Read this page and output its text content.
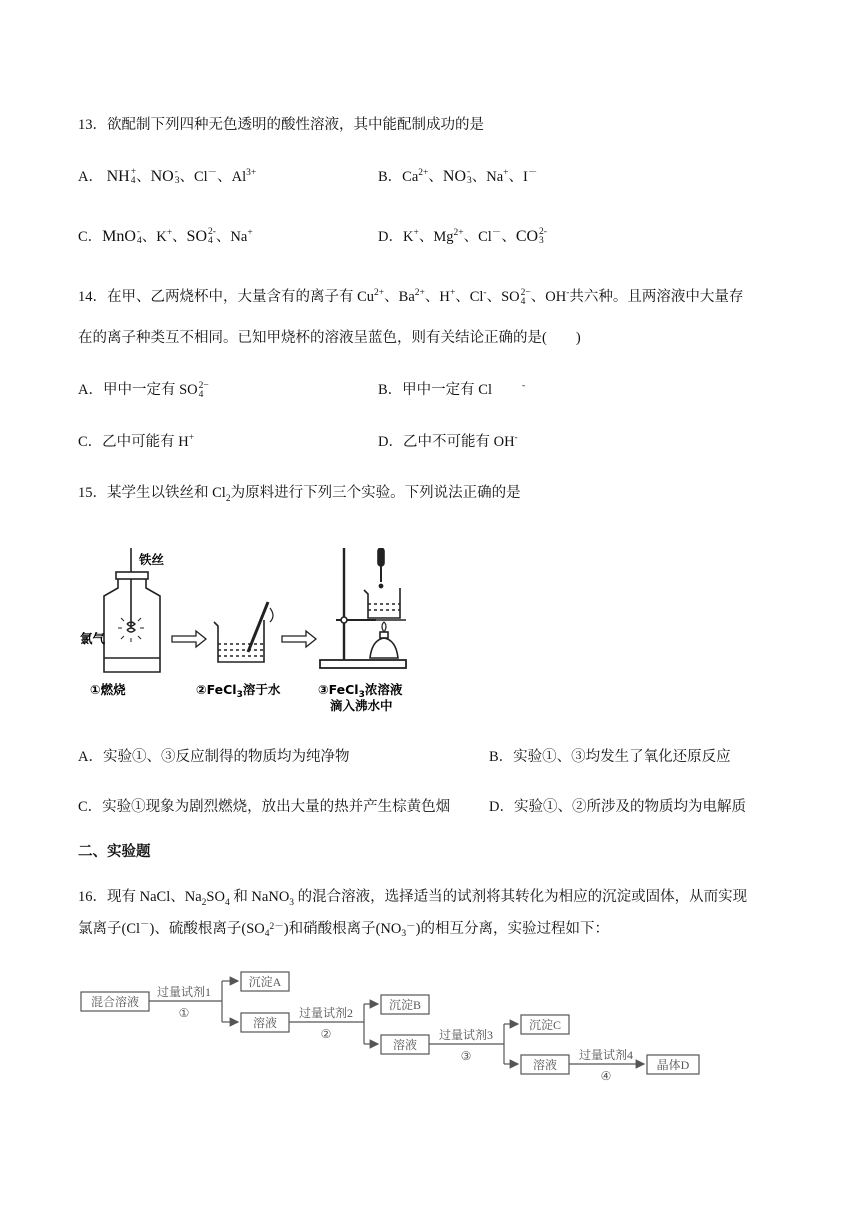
13．欲配制下列四种无色透明的酸性溶液，其中能配制成功的是
A． NH +
4 、NO -
3 、Cl－、$Al^{3+}$	B．$Ca^{2+}$、NO -
3 、Na+、I－
C．MnO -
4 、K+、SO 2-
4 、Na+	D．K+、$Mg^{2+}$、Cl－、CO 2-
3
14．在甲、乙两烧杯中，大量含有的离子有 $Cu^{2+}$、$Ba^{2+}$、H+、Cl-、SO 2−
4 、OH-共六种。且两溶液中大量存
在的离子种类互不相同。已知甲烧杯的溶液呈蓝色，则有关结论正确的是(　　)
A．甲中一定有 SO 2−
4	B．甲中一定有 Cl	-
C．乙中可能有 H+	D．乙中不可能有 OH-
15．某学生以铁丝和 $Cl_2$为原料进行下列三个实验。下列说法正确的是
铁丝
氯气
①燃烧	②FeCl$_3$溶于水	③FeCl$_3$浓溶液
滴入沸水中
A．实验①、③反应制得的物质均为纯净物	B．实验①、③均发生了氧化还原反应
C．实验①现象为剧烈燃烧，放出大量的热并产生棕黄色烟	D．实验①、②所涉及的物质均为电解质
二、实验题
16．现有 NaCl、$Na_2SO_4$ 和 NaNO$_3$ 的混合溶液，选择适当的试剂将其转化为相应的沉淀或固体，从而实现
氯离子(Cl－)、硫酸根离子$(SO_4^{2-})$和硝酸根离子$(NO_3^-)$的相互分离，实验过程如下：
混合溶液
过量试剂1
①
沉淀A
溶液
过量试剂2
②
沉淀B
溶液
过量试剂3
③
沉淀C
溶液
过量试剂4
④
晶体D
